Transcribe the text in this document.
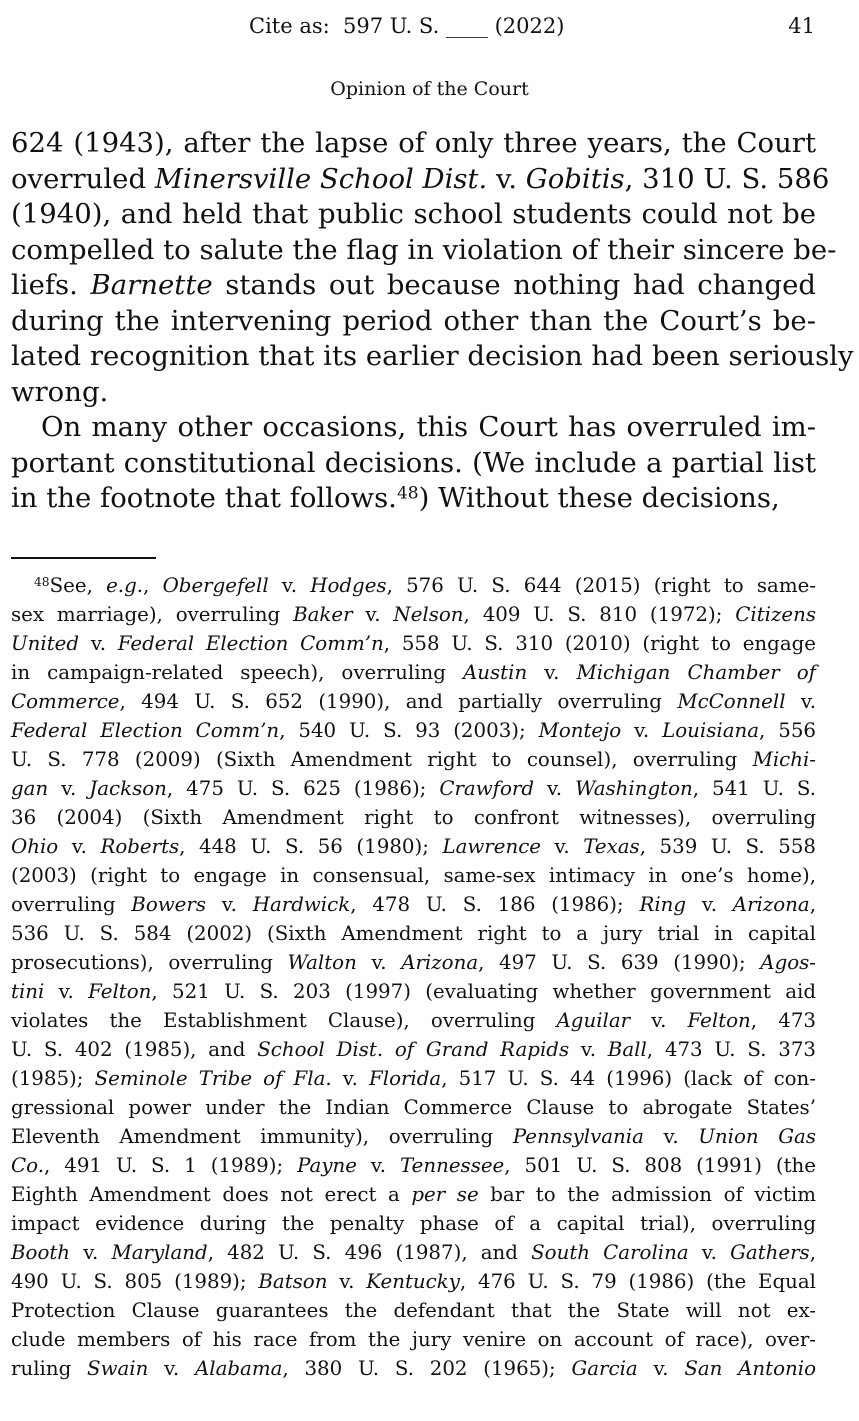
Cite as:  597 U. S. ____ (2022)	41
Opinion of the Court
624 (1943), after the lapse of only three years, the Court
overruled Minersville School Dist. v. Gobitis, 310 U. S. 586
(1940), and held that public school students could not be
compelled to salute the flag in violation of their sincere be-
liefs. Barnette stands out because nothing had changed
during the intervening period other than the Court’s be-
lated recognition that its earlier decision had been seriously
wrong.
On many other occasions, this Court has overruled im-
portant constitutional decisions. (We include a partial list
in the footnote that follows.$^{48}$) Without these decisions,
$^{48}$See, e.g., Obergefell v. Hodges, 576 U. S. 644 (2015) (right to same-
sex marriage), overruling Baker v. Nelson, 409 U. S. 810 (1972); Citizens
United v. Federal Election Comm’n, 558 U. S. 310 (2010) (right to engage
in campaign-related speech), overruling Austin v. Michigan Chamber of
Commerce, 494 U. S. 652 (1990), and partially overruling McConnell v.
Federal Election Comm’n, 540 U. S. 93 (2003); Montejo v. Louisiana, 556
U. S. 778 (2009) (Sixth Amendment right to counsel), overruling Michi-
gan v. Jackson, 475 U. S. 625 (1986); Crawford v. Washington, 541 U. S.
36 (2004) (Sixth Amendment right to confront witnesses), overruling
Ohio v. Roberts, 448 U. S. 56 (1980); Lawrence v. Texas, 539 U. S. 558
(2003) (right to engage in consensual, same-sex intimacy in one’s home),
overruling Bowers v. Hardwick, 478 U. S. 186 (1986); Ring v. Arizona,
536 U. S. 584 (2002) (Sixth Amendment right to a jury trial in capital
prosecutions), overruling Walton v. Arizona, 497 U. S. 639 (1990); Agos-
tini v. Felton, 521 U. S. 203 (1997) (evaluating whether government aid
violates the Establishment Clause), overruling Aguilar v. Felton, 473
U. S. 402 (1985), and School Dist. of Grand Rapids v. Ball, 473 U. S. 373
(1985); Seminole Tribe of Fla. v. Florida, 517 U. S. 44 (1996) (lack of con-
gressional power under the Indian Commerce Clause to abrogate States’
Eleventh Amendment immunity), overruling Pennsylvania v. Union Gas
Co., 491 U. S. 1 (1989); Payne v. Tennessee, 501 U. S. 808 (1991) (the
Eighth Amendment does not erect a per se bar to the admission of victim
impact evidence during the penalty phase of a capital trial), overruling
Booth v. Maryland, 482 U. S. 496 (1987), and South Carolina v. Gathers,
490 U. S. 805 (1989); Batson v. Kentucky, 476 U. S. 79 (1986) (the Equal
Protection Clause guarantees the defendant that the State will not ex-
clude members of his race from the jury venire on account of race), over-
ruling Swain v. Alabama, 380 U. S. 202 (1965); Garcia v. San Antonio
